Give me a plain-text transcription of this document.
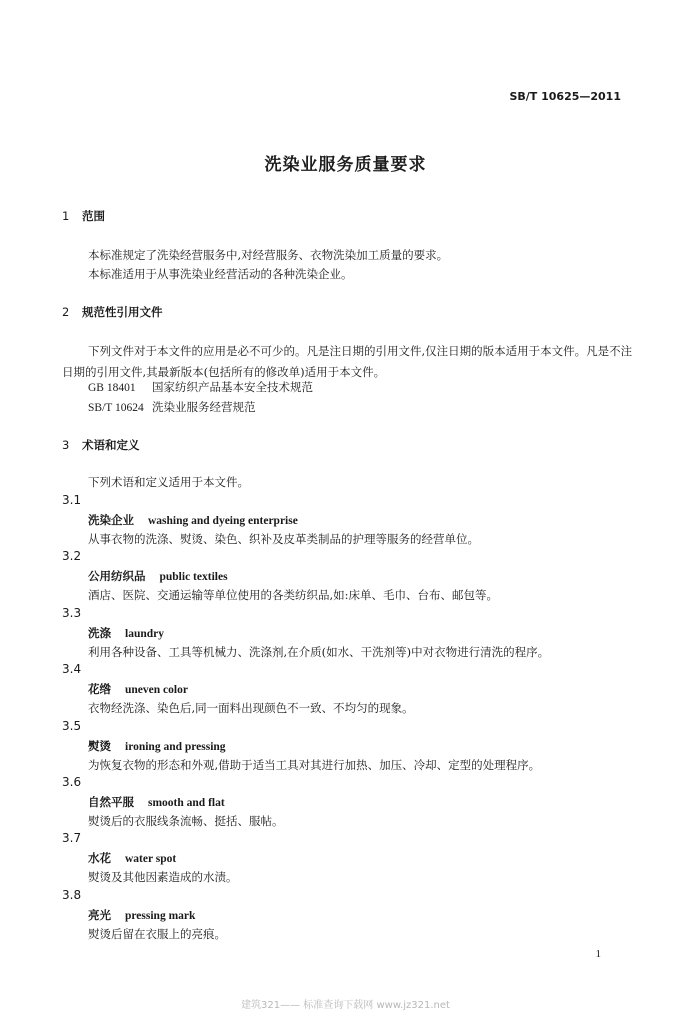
SB/T 10625—2011
洗染业服务质量要求
1 范围
本标准规定了洗染经营服务中,对经营服务、衣物洗染加工质量的要求。
本标准适用于从事洗染业经营活动的各种洗染企业。
2 规范性引用文件
下列文件对于本文件的应用是必不可少的。凡是注日期的引用文件,仅注日期的版本适用于本文件。凡是不注日期的引用文件,其最新版本(包括所有的修改单)适用于本文件。
GB 18401 国家纺织产品基本安全技术规范
SB/T 10624 洗染业服务经营规范
3 术语和定义
下列术语和定义适用于本文件。
3.1
洗染企业 washing and dyeing enterprise
从事衣物的洗涤、熨烫、染色、织补及皮革类制品的护理等服务的经营单位。
3.2
公用纺织品 public textiles
酒店、医院、交通运输等单位使用的各类纺织品,如:床单、毛巾、台布、邮包等。
3.3
洗涤 laundry
利用各种设备、工具等机械力、洗涤剂,在介质(如水、干洗剂等)中对衣物进行清洗的程序。
3.4
花绺 uneven color
衣物经洗涤、染色后,同一面料出现颜色不一致、不均匀的现象。
3.5
熨烫 ironing and pressing
为恢复衣物的形态和外观,借助于适当工具对其进行加热、加压、冷却、定型的处理程序。
3.6
自然平服 smooth and flat
熨烫后的衣服线条流畅、挺括、服帖。
3.7
水花 water spot
熨烫及其他因素造成的水渍。
3.8
亮光 pressing mark
熨烫后留在衣服上的亮痕。
1
建筑321—— 标准查询下载网 www.jz321.net
